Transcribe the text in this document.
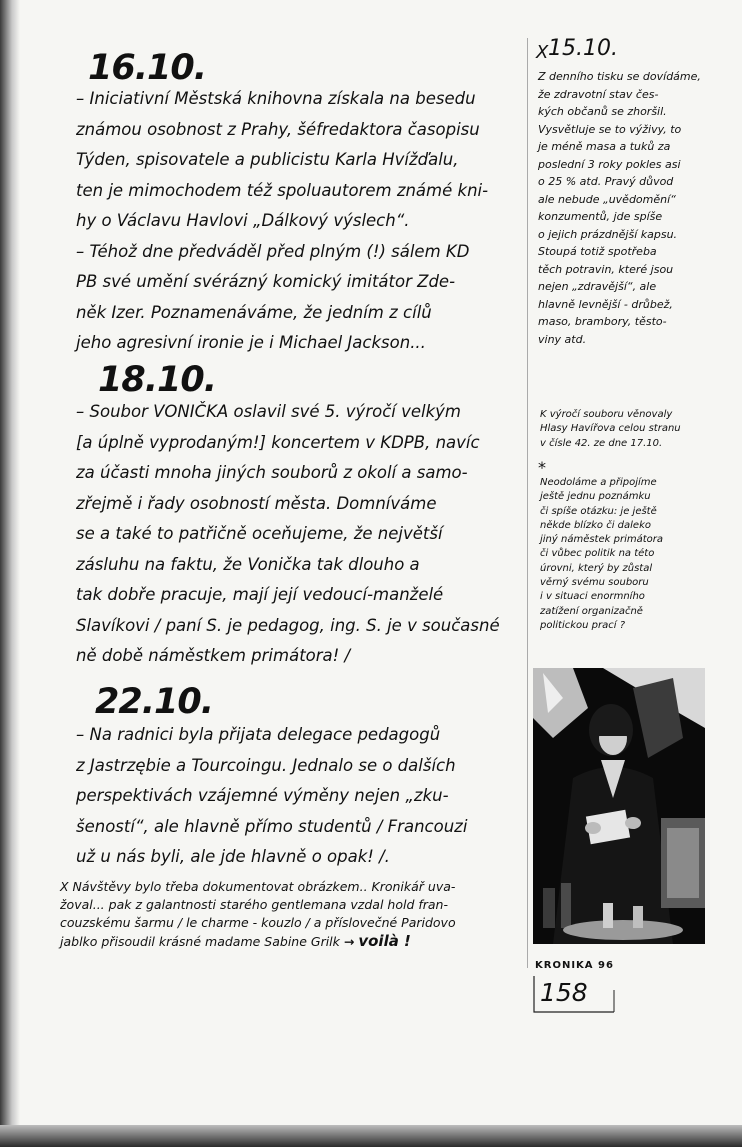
16.10.
– Iniciativní Městská knihovna získala na besedu
známou osobnost z Prahy, šéfredaktora časopisu
Týden, spisovatele a publicistu Karla Hvížďalu,
ten je mimochodem též spoluautorem známé kni-
hy o Václavu Havlovi „Dálkový výslech“.
– Téhož dne předváděl před plným (!) sálem KD
PB své umění svérázný komický imitátor Zde-
něk Izer. Poznamenáváme, že jedním z cílů
jeho agresivní ironie je i Michael Jackson...
18.10.
– Soubor VONIČKA oslavil své 5. výročí velkým
[a úplně vyprodaným!] koncertem v KDPB, navíc
za účasti mnoha jiných souborů z okolí a samo-
zřejmě i řady osobností města. Domníváme
se a také to patřičně oceňujeme, že největší
zásluhu na faktu, že Vonička tak dlouho a
tak dobře pracuje, mají její vedoucí-manželé
Slavíkovi / paní S. je pedagog, ing. S. je v současné
ně době náměstkem primátora! /
22.10.
– Na radnici byla přijata delegace pedagogů
z Jastrzębie a Tourcoingu. Jednalo se o dalších
perspektivách vzájemné výměny nejen „zku-
šeností“, ale hlavně přímo studentů / Francouzi
už u nás byli, ale jde hlavně o opak! /.
X Návštěvy bylo třeba dokumentovat obrázkem.. Kronikář uva-
žoval... pak z galantnosti starého gentlemana vzdal hold fran-
couzskému šarmu / le charme - kouzlo / a příslovečné Paridovo
jablko přisoudil krásné madame Sabine Grilk → voilà !
X 15.10.
Z denního tisku se dovídáme,
že zdravotní stav čes-
kých občanů se zhoršil.
Vysvětluje se to výživy, to
je méně masa a tuků za
poslední 3 roky pokles asi
o 25 % atd. Pravý důvod
ale nebude „uvědomění“
konzumentů, jde spíše
o jejich prázdnější kapsu.
Stoupá totiž spotřeba
těch potravin, které jsou
nejen „zdravější“, ale
hlavně levnější - drůbež,
maso, brambory, těsto-
viny atd.
K výročí souboru věnovaly
Hlasy Havířova celou stranu
v čísle 42. ze dne 17.10.
*
Neodoláme a připojíme
ještě jednu poznámku
či spíše otázku: je ještě
někde blízko či daleko
jiný náměstek primátora
či vůbec politik na této
úrovni, který by zůstal
věrný svému souboru
i v situaci enormního
zatížení organizačně
politickou prací ?
KRONIKA 96
158
